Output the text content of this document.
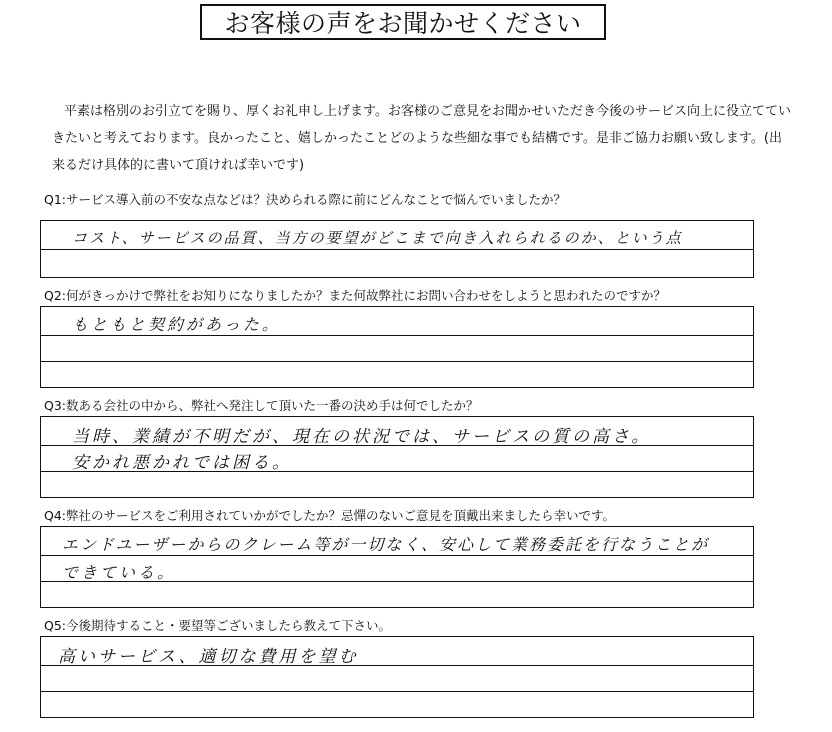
お客様の声をお聞かせください
平素は格別のお引立てを賜り、厚くお礼申し上げます。お客様のご意見をお聞かせいただき今後のサービス向上に役立てていきたいと考えております。良かったこと、嬉しかったことどのような些細な事でも結構です。是非ご協力お願い致します。(出来るだけ具体的に書いて頂ければ幸いです)
Q1:サービス導入前の不安な点などは？決められる際に前にどんなことで悩んでいましたか？
コスト、サービスの品質、当方の要望がどこまで向き入れられるのか、という点
Q2:何がきっかけで弊社をお知りになりましたか？また何故弊社にお問い合わせをしようと思われたのですか？
もともと契約があった。
Q3:数ある会社の中から、弊社へ発注して頂いた一番の決め手は何でしたか？
当時、業績が不明だが、現在の状況では、サービスの質の高さ。
安かれ悪かれでは困る。
Q4:弊社のサービスをご利用されていかがでしたか？忌憚のないご意見を頂戴出来ましたら幸いです。
エンドユーザーからのクレーム等が一切なく、安心して業務委託を行なうことが
できている。
Q5:今後期待すること・要望等ございましたら教えて下さい。
高いサービス、適切な費用を望む
